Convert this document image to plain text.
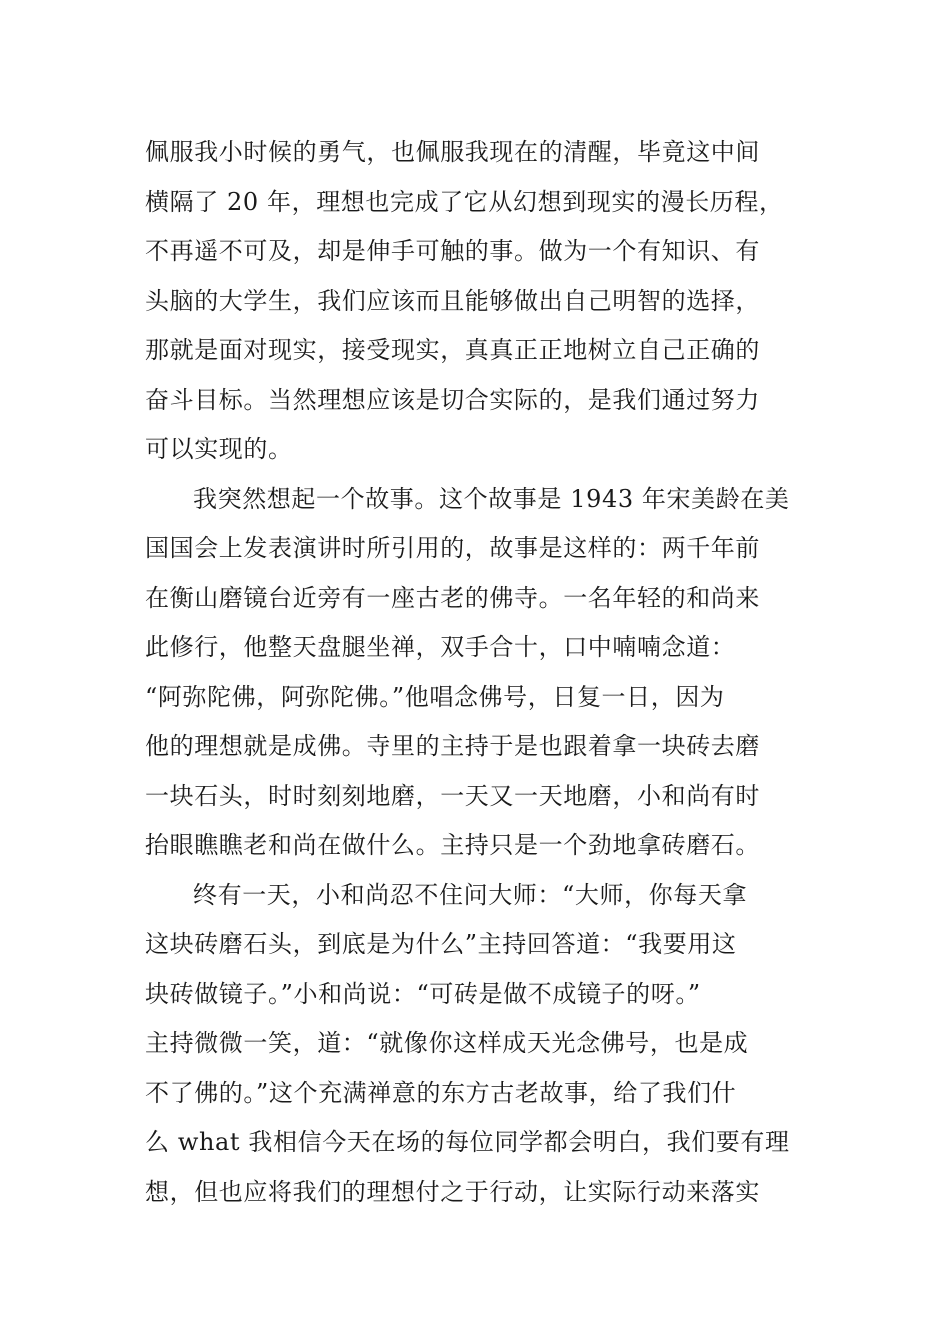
佩服我小时候的勇气，也佩服我现在的清醒，毕竟这中间
横隔了 20 年，理想也完成了它从幻想到现实的漫长历程，
不再遥不可及，却是伸手可触的事。做为一个有知识、有
头脑的大学生，我们应该而且能够做出自己明智的选择，
那就是面对现实，接受现实，真真正正地树立自己正确的
奋斗目标。当然理想应该是切合实际的，是我们通过努力
可以实现的。
我突然想起一个故事。这个故事是 1943 年宋美龄在美
国国会上发表演讲时所引用的，故事是这样的：两千年前
在衡山磨镜台近旁有一座古老的佛寺。一名年轻的和尚来
此修行，他整天盘腿坐禅，双手合十，口中喃喃念道：
“阿弥陀佛，阿弥陀佛。”他唱念佛号，日复一日，因为
他的理想就是成佛。寺里的主持于是也跟着拿一块砖去磨
一块石头，时时刻刻地磨，一天又一天地磨，小和尚有时
抬眼瞧瞧老和尚在做什么。主持只是一个劲地拿砖磨石。
终有一天，小和尚忍不住问大师：“大师，你每天拿
这块砖磨石头，到底是为什么”主持回答道：“我要用这
块砖做镜子。”小和尚说：“可砖是做不成镜子的呀。”
主持微微一笑，道：“就像你这样成天光念佛号，也是成
不了佛的。”这个充满禅意的东方古老故事，给了我们什
么 what 我相信今天在场的每位同学都会明白，我们要有理
想，但也应将我们的理想付之于行动，让实际行动来落实
